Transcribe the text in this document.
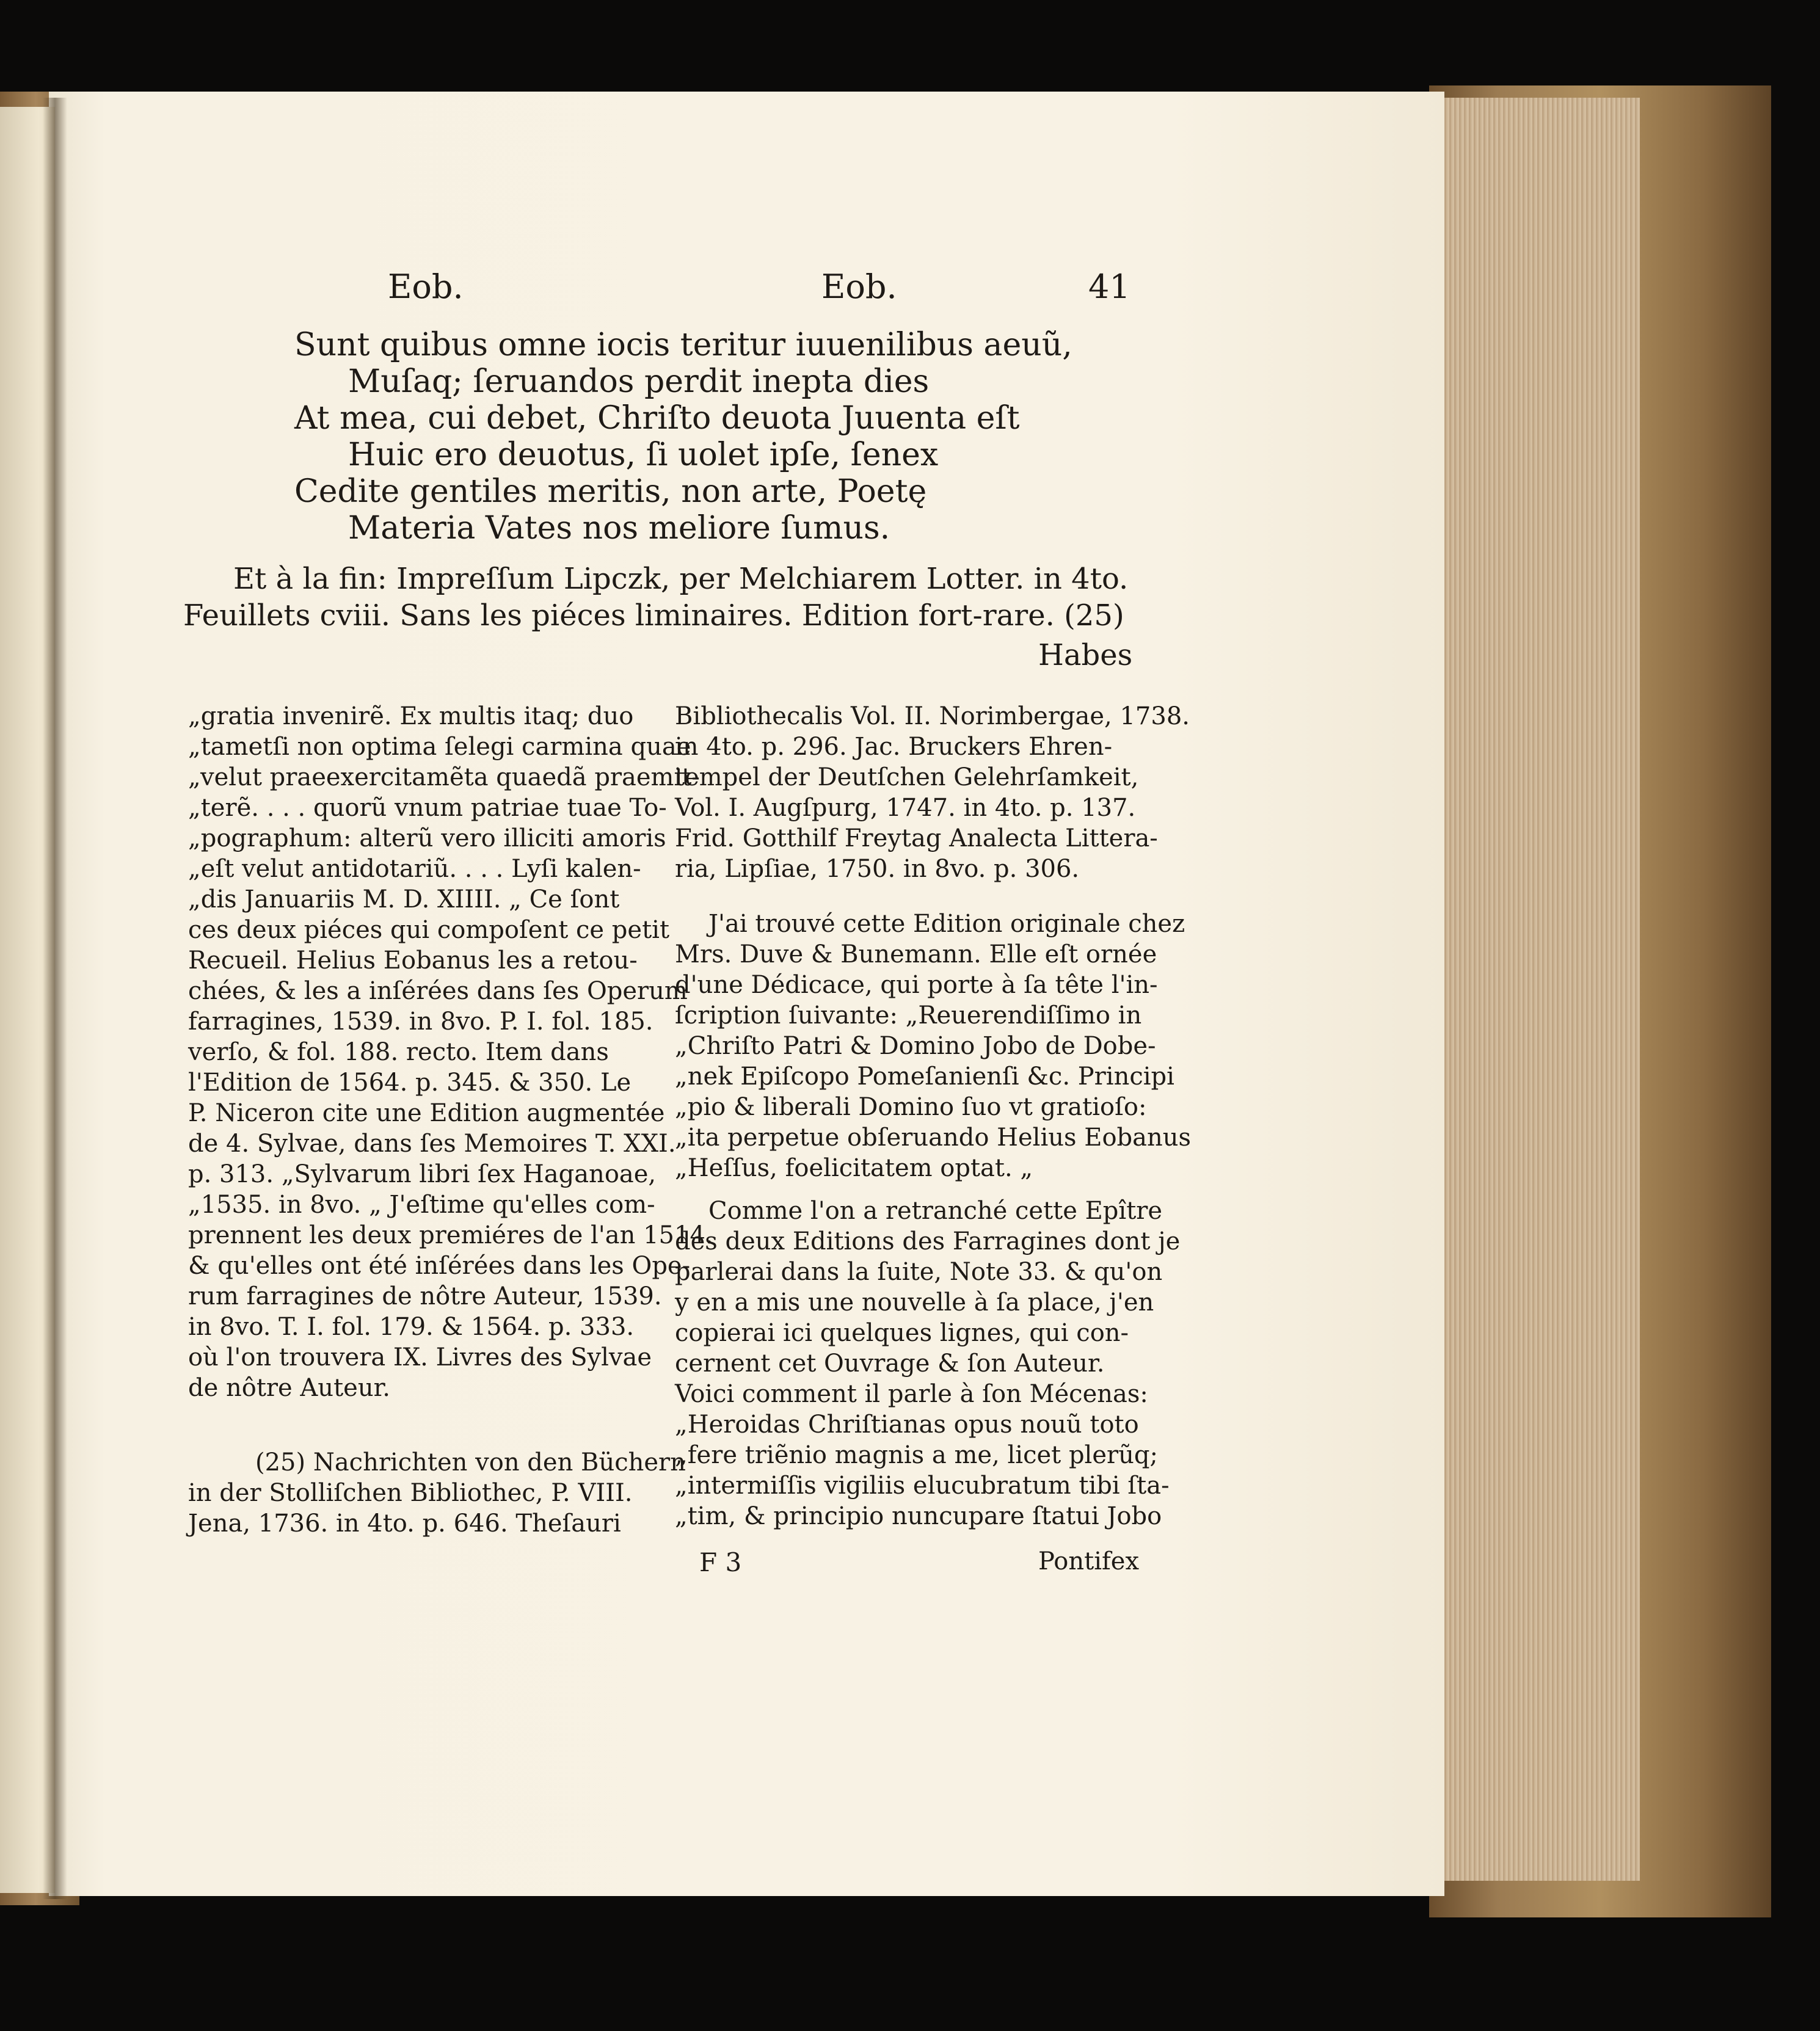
Eob.	Eob.	41

Sunt quibus omne iocis teritur iuuenilibus aeuũ,

Muſaq; ſeruandos perdit inepta dies

At mea, cui debet, Chriſto deuota Juuenta eſt

Huic ero deuotus, ſi uolet ipſe, ſenex

Cedite gentiles meritis, non arte, Poetę

Materia Vates nos meliore ſumus.

Et à la fin: Impreſſum Lipczk, per Melchiarem Lotter. in 4to.

Feuillets cviii. Sans les piéces liminaires. Edition fort-rare. (25)

Habes

„gratia invenirẽ. Ex multis itaq; duo
„tametſi non optima ſelegi carmina quae
„velut praeexercitamẽta quaedã praemit-
„terẽ. . . . quorũ vnum patriae tuae To-
„pographum: alterũ vero illiciti amoris
„eſt velut antidotariũ. . . . Lyſi kalen-
„dis Januariis M. D. XIIII. „ Ce ſont
ces deux piéces qui compoſent ce petit
Recueil. Helius Eobanus les a retou-
chées, & les a inſérées dans ſes Operum
farragines, 1539. in 8vo. P. I. fol. 185.
verſo, & fol. 188. recto. Item dans
l'Edition de 1564. p. 345. & 350. Le
P. Niceron cite une Edition augmentée
de 4. Sylvae, dans ſes Memoires T. XXI.
p. 313. „Sylvarum libri ſex Haganoae,
„1535. in 8vo. „ J'eſtime qu'elles com-
prennent les deux premiéres de l'an 1514.
& qu'elles ont été inſérées dans les Ope-
rum farragines de nôtre Auteur, 1539.
in 8vo. T. I. fol. 179. & 1564. p. 333.
où l'on trouvera IX. Livres des Sylvae
de nôtre Auteur.
(25) Nachrichten von den Büchern
in der Stolliſchen Bibliothec, P. VIII.
Jena, 1736. in 4to. p. 646. Theſauri
Bibliothecalis Vol. II. Norimbergae, 1738.
in 4to. p. 296. Jac. Bruckers Ehren-
tempel der Deutſchen Gelehrſamkeit,
Vol. I. Augſpurg, 1747. in 4to. p. 137.
Frid. Gotthilf Freytag Analecta Littera-
ria, Lipſiae, 1750. in 8vo. p. 306.
J'ai trouvé cette Edition originale chez
Mrs. Duve & Bunemann. Elle eſt ornée
d'une Dédicace, qui porte à ſa tête l'in-
ſcription ſuivante: „Reuerendiſſimo in
„Chriſto Patri & Domino Jobo de Dobe-
„nek Epiſcopo Pomeſanienſi &c. Principi
„pio & liberali Domino ſuo vt gratioſo:
„ita perpetue obſeruando Helius Eobanus
„Heſſus, foelicitatem optat. „
Comme l'on a retranché cette Epître
des deux Editions des Farragines dont je
parlerai dans la ſuite, Note 33. & qu'on
y en a mis une nouvelle à ſa place, j'en
copierai ici quelques lignes, qui con-
cernent cet Ouvrage & ſon Auteur.
Voici comment il parle à ſon Mécenas:
„Heroidas Chriſtianas opus nouũ toto
„fere triẽnio magnis a me, licet plerũq;
„intermiſſis vigiliis elucubratum tibi ſta-
„tim, & principio nuncupare ſtatui Jobo

F 3	Pontifex
